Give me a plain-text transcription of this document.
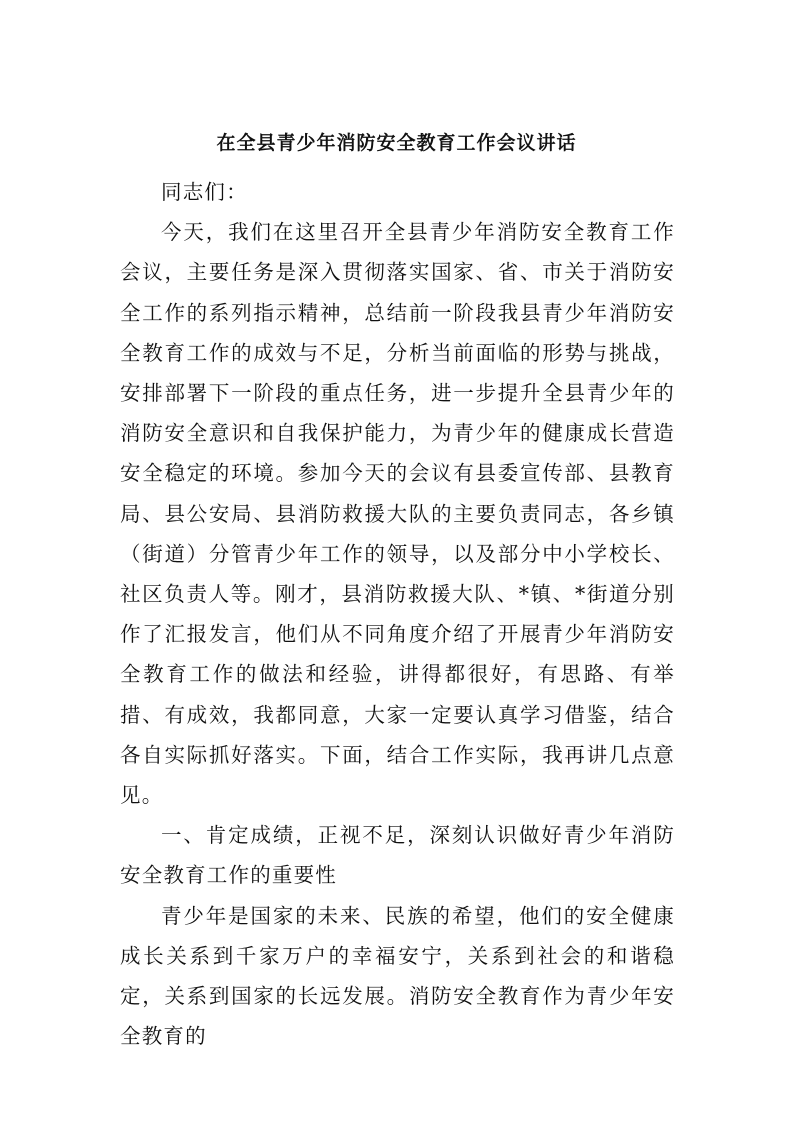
在全县青少年消防安全教育工作会议讲话

同志们：

今天，我们在这里召开全县青少年消防安全教育工作会议，主要任务是深入贯彻落实国家、省、市关于消防安全工作的系列指示精神，总结前一阶段我县青少年消防安全教育工作的成效与不足，分析当前面临的形势与挑战，安排部署下一阶段的重点任务，进一步提升全县青少年的消防安全意识和自我保护能力，为青少年的健康成长营造安全稳定的环境。参加今天的会议有县委宣传部、县教育局、县公安局、县消防救援大队的主要负责同志，各乡镇（街道）分管青少年工作的领导，以及部分中小学校长、社区负责人等。刚才，县消防救援大队、*镇、*街道分别作了汇报发言，他们从不同角度介绍了开展青少年消防安全教育工作的做法和经验，讲得都很好，有思路、有举措、有成效，我都同意，大家一定要认真学习借鉴，结合各自实际抓好落实。下面，结合工作实际，我再讲几点意见。

一、肯定成绩，正视不足，深刻认识做好青少年消防安全教育工作的重要性

青少年是国家的未来、民族的希望，他们的安全健康成长关系到千家万户的幸福安宁，关系到社会的和谐稳定，关系到国家的长远发展。消防安全教育作为青少年安全教育的
